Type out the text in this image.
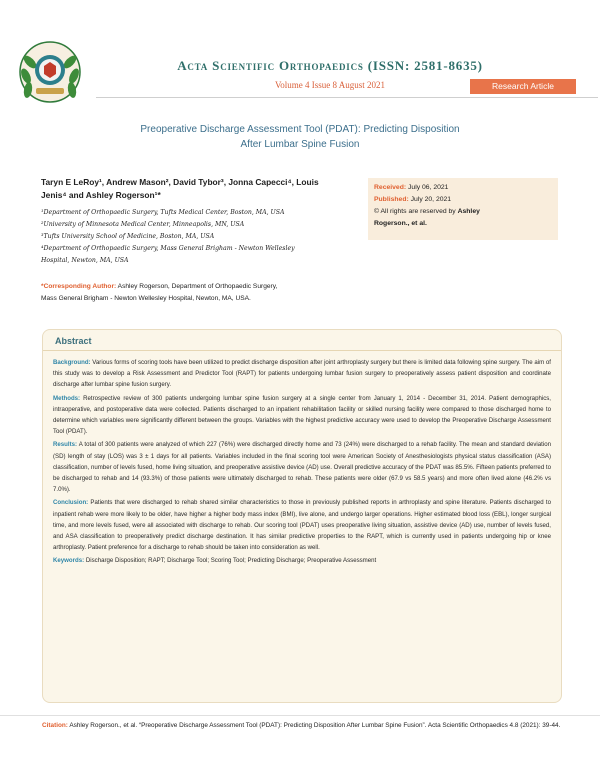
Acta Scientific Orthopaedics (ISSN: 2581-8635)
Volume 4 Issue 8 August 2021	Research Article
Preoperative Discharge Assessment Tool (PDAT): Predicting Disposition
After Lumbar Spine Fusion
Taryn E LeRoy¹, Andrew Mason², David Tybor³, Jonna Capecci⁴, Louis
Jenis⁴ and Ashley Rogerson¹*
¹Department of Orthopaedic Surgery, Tufts Medical Center, Boston, MA, USA
²University of Minnesota Medical Center, Minneapolis, MN, USA
³Tufts University School of Medicine, Boston, MA, USA
⁴Department of Orthopaedic Surgery, Mass General Brigham - Newton Wellesley
Hospital, Newton, MA, USA
*Corresponding Author: Ashley Rogerson, Department of Orthopaedic Surgery,
Mass General Brigham - Newton Wellesley Hospital, Newton, MA, USA.
Received: July 06, 2021
Published: July 20, 2021
© All rights are reserved by Ashley
Rogerson., et al.
Abstract

Background: Various forms of scoring tools have been utilized to predict discharge disposition after joint arthroplasty surgery but there is limited data following spine surgery. The aim of this study was to develop a Risk Assessment and Predictor Tool (RAPT) for patients undergoing lumbar fusion surgery to preoperatively assess patient disposition and coordinate discharge after lumbar spine fusion surgery.

Methods: Retrospective review of 300 patients undergoing lumbar spine fusion surgery at a single center from January 1, 2014 - December 31, 2014. Patient demographics, intraoperative, and postoperative data were collected. Patients discharged to an inpatient rehabilitation facility or skilled nursing facility were compared to those discharged home to determine which variables were significantly different between the groups. Variables with the highest predictive accuracy were used to develop the Preoperative Discharge Assessment Tool (PDAT).

Results: A total of 300 patients were analyzed of which 227 (76%) were discharged directly home and 73 (24%) were discharged to a rehab facility. The mean and standard deviation (SD) length of stay (LOS) was 3 ± 1 days for all patients. Variables included in the final scoring tool were American Society of Anesthesiologists physical status classification (ASA) classification, number of levels fused, home living situation, and preoperative assistive device (AD) use. Overall predictive accuracy of the PDAT was 85.5%. Fifteen patients preferred to be discharged to rehab and 14 (93.3%) of those patients were ultimately discharged to rehab. These patients were older (67.9 vs 58.5 years) and more often lived alone (46.2% vs 7.0%).

Conclusion: Patients that were discharged to rehab shared similar characteristics to those in previously published reports in arthroplasty and spine literature. Patients discharged to inpatient rehab were more likely to be older, have higher a higher body mass index (BMI), live alone, and undergo larger operations. Higher estimated blood loss (EBL), longer surgical time, and more levels fused, were all associated with discharge to rehab. Our scoring tool (PDAT) uses preoperative living situation, assistive device (AD) use, number of levels fused, and ASA classification to preoperatively predict discharge destination. It has similar predictive properties to the RAPT, which is currently used in patients undergoing hip or knee arthroplasty. Patient preference for a discharge to rehab should be taken into consideration as well.

Keywords: Discharge Disposition; RAPT; Discharge Tool; Scoring Tool; Predicting Discharge; Preoperative Assessment

Citation: Ashley Rogerson., et al. “Preoperative Discharge Assessment Tool (PDAT): Predicting Disposition After Lumbar Spine Fusion”. Acta Scientific Orthopaedics 4.8 (2021): 39-44.
